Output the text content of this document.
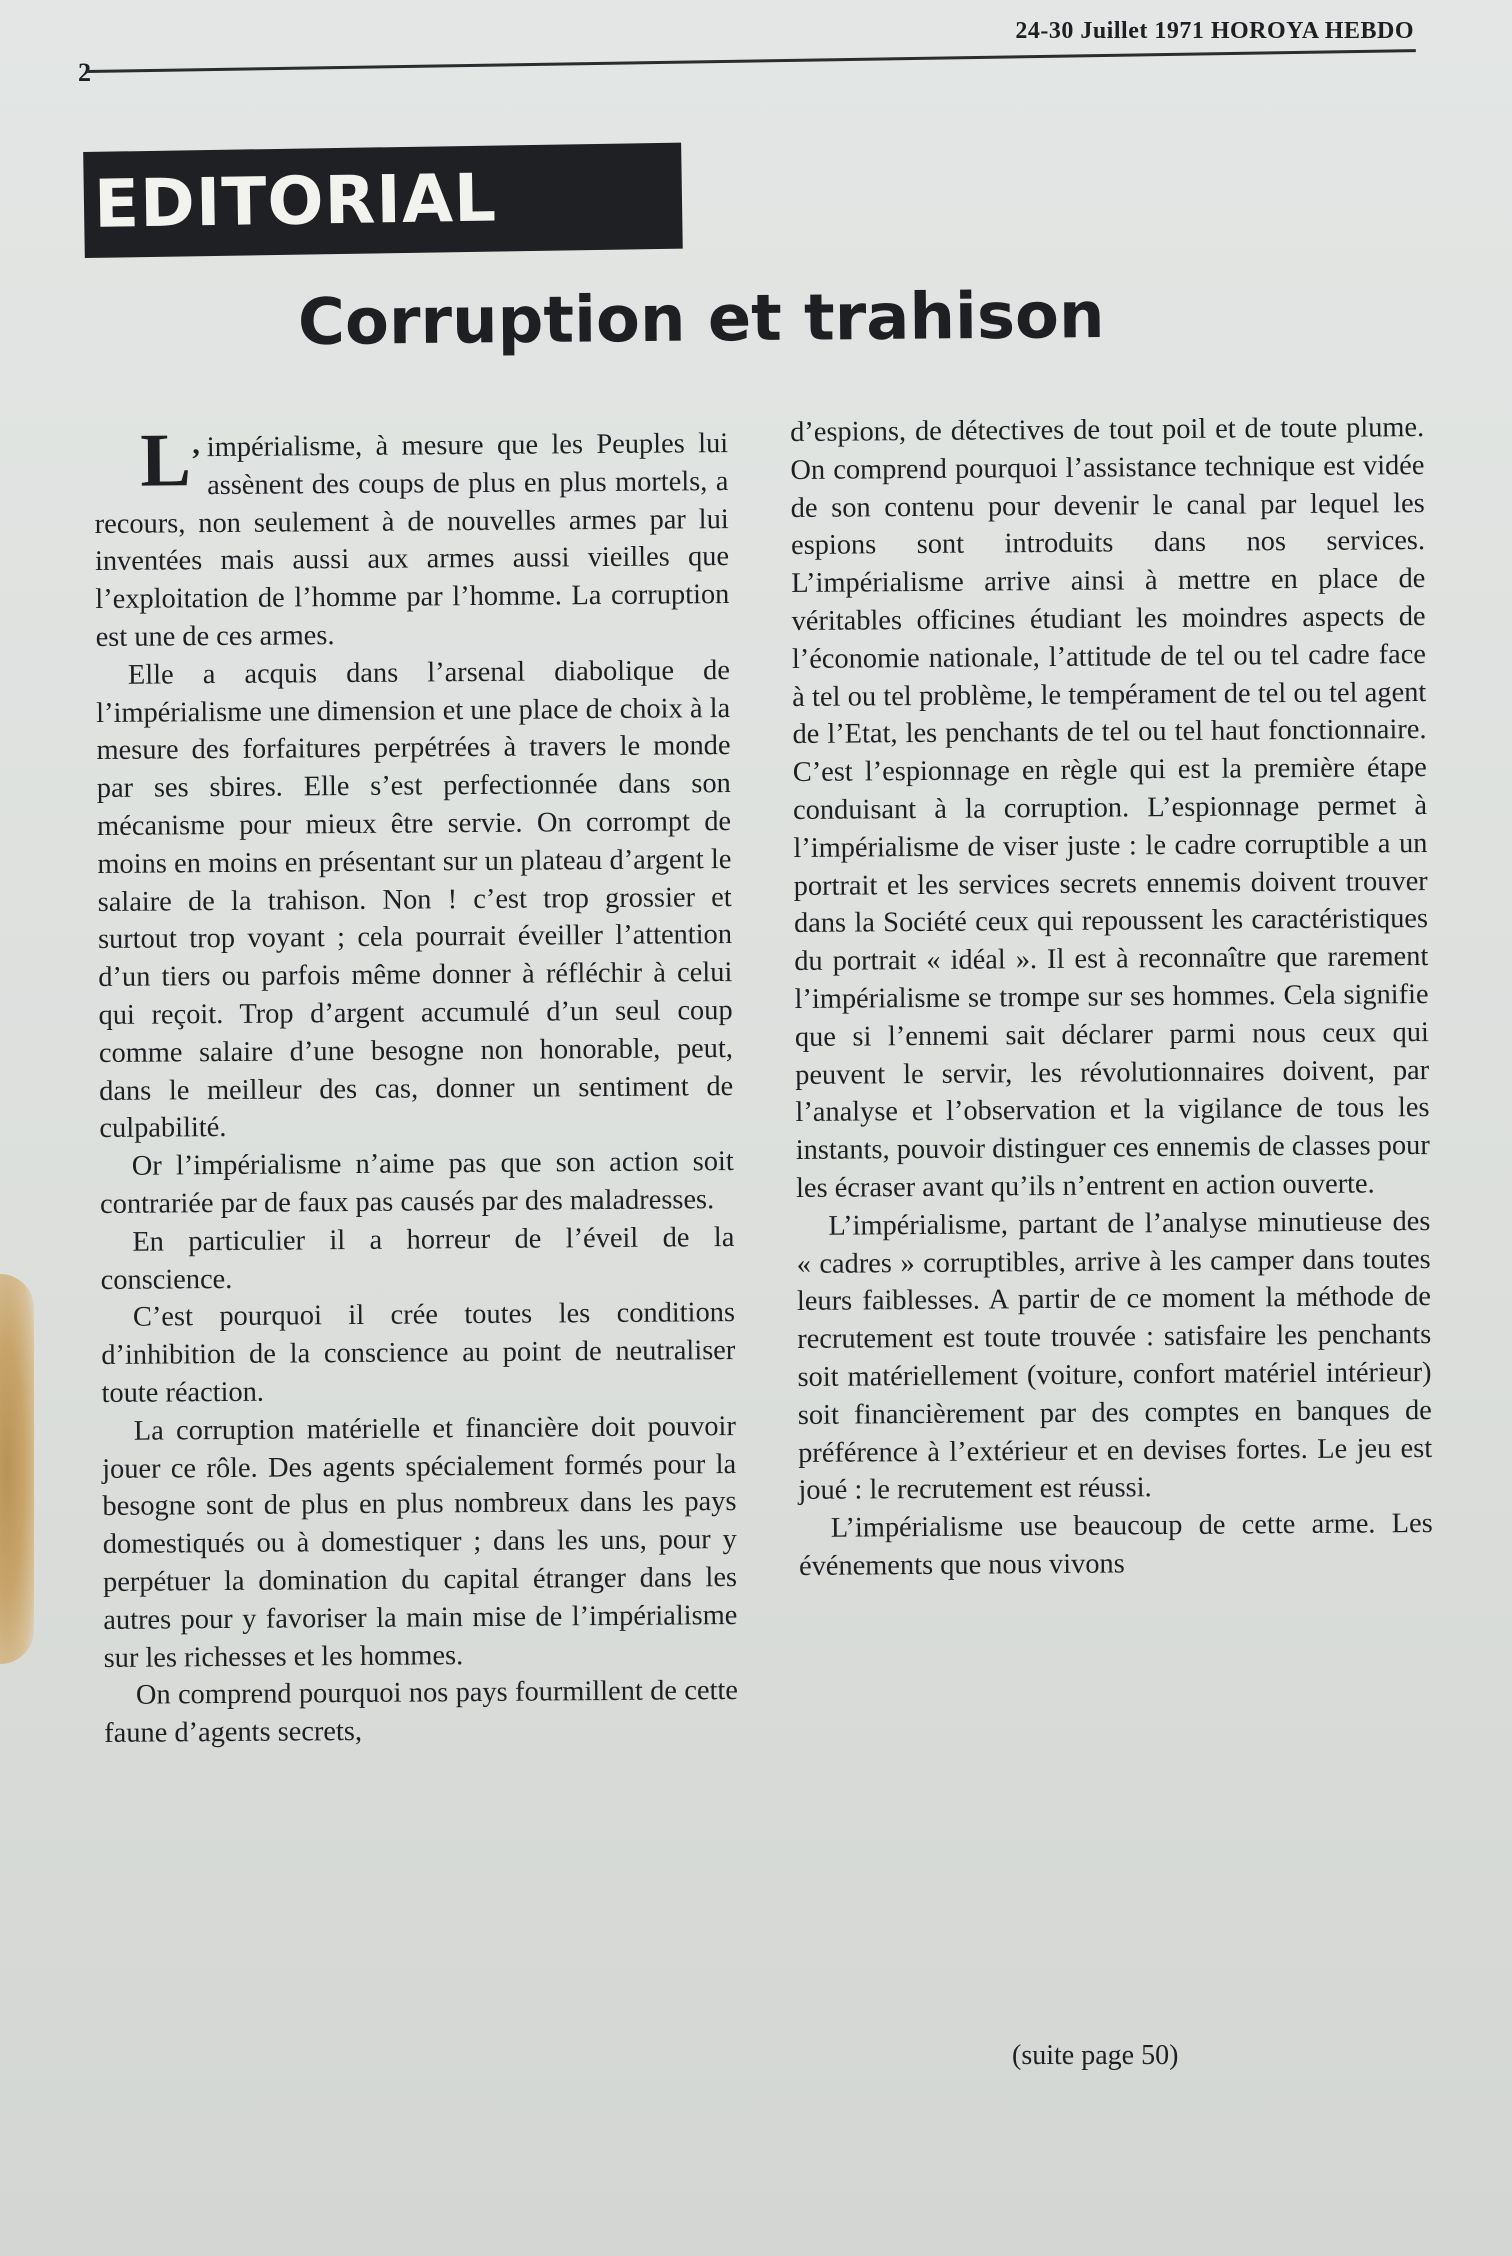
24-30 Juillet 1971 HOROYA HEBDO
2
EDITORIAL
Corruption et trahison

L’ impérialisme, à mesure que les Peuples lui assènent des coups de plus en plus mortels, a recours, non seulement à de nouvelles armes par lui inventées mais aussi aux armes aussi vieilles que l’exploitation de l’homme par l’homme. La corruption est une de ces armes.

Elle a acquis dans l’arsenal diabolique de l’impérialisme une dimension et une place de choix à la mesure des forfaitures perpétrées à travers le monde par ses sbires. Elle s’est perfectionnée dans son mécanisme pour mieux être servie. On corrompt de moins en moins en présentant sur un plateau d’argent le salaire de la trahison. Non ! c’est trop grossier et surtout trop voyant ; cela pourrait éveiller l’attention d’un tiers ou parfois même donner à réfléchir à celui qui reçoit. Trop d’argent accumulé d’un seul coup comme salaire d’une besogne non honorable, peut, dans le meilleur des cas, donner un sentiment de culpabilité.

Or l’impérialisme n’aime pas que son action soit contrariée par de faux pas causés par des maladresses.

En particulier il a horreur de l’éveil de la conscience.

C’est pourquoi il crée toutes les conditions d’inhibition de la conscience au point de neutraliser toute réaction.

La corruption matérielle et financière doit pouvoir jouer ce rôle. Des agents spécialement formés pour la besogne sont de plus en plus nombreux dans les pays domestiqués ou à domestiquer ; dans les uns, pour y perpétuer la domination du capital étranger dans les autres pour y favoriser la main mise de l’impérialisme sur les richesses et les hommes.

On comprend pourquoi nos pays fourmillent de cette faune d’agents secrets,

d’espions, de détectives de tout poil et de toute plume. On comprend pourquoi l’assistance technique est vidée de son contenu pour devenir le canal par lequel les espions sont introduits dans nos services. L’impérialisme arrive ainsi à mettre en place de véritables officines étudiant les moindres aspects de l’économie nationale, l’attitude de tel ou tel cadre face à tel ou tel problème, le tempérament de tel ou tel agent de l’Etat, les penchants de tel ou tel haut fonctionnaire. C’est l’espionnage en règle qui est la première étape conduisant à la corruption. L’espionnage permet à l’impérialisme de viser juste : le cadre corruptible a un portrait et les services secrets ennemis doivent trouver dans la Société ceux qui repoussent les caractéristiques du portrait « idéal ». Il est à reconnaître que rarement l’impérialisme se trompe sur ses hommes. Cela signifie que si l’ennemi sait déclarer parmi nous ceux qui peuvent le servir, les révolutionnaires doivent, par l’analyse et l’observation et la vigilance de tous les instants, pouvoir distinguer ces ennemis de classes pour les écraser avant qu’ils n’entrent en action ouverte.

L’impérialisme, partant de l’analyse minutieuse des « cadres » corruptibles, arrive à les camper dans toutes leurs faiblesses. A partir de ce moment la méthode de recrutement est toute trouvée : satisfaire les penchants soit matériellement (voiture, confort matériel intérieur) soit financièrement par des comptes en banques de préférence à l’extérieur et en devises fortes. Le jeu est joué : le recrutement est réussi.

L’impérialisme use beaucoup de cette arme. Les événements que nous vivons

(suite page 50)
